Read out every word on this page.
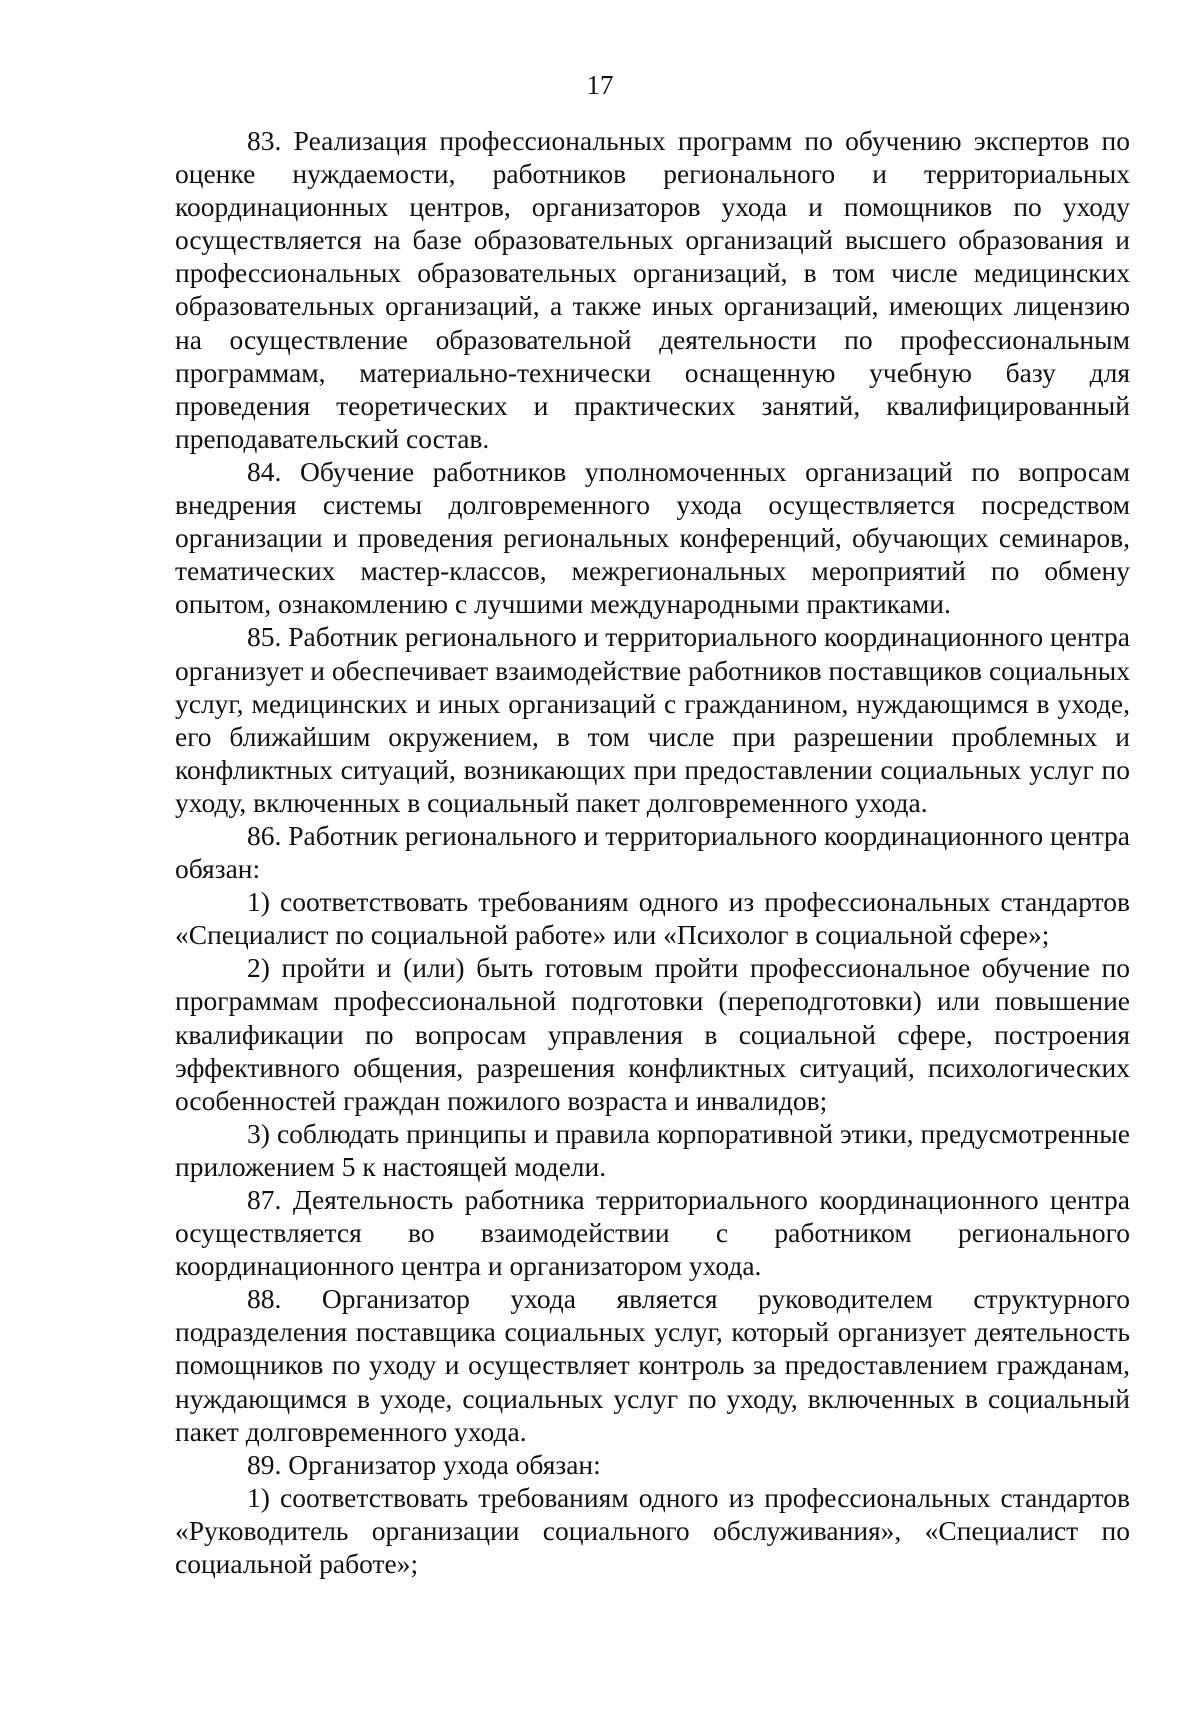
17

83. Реализация профессиональных программ по обучению экспертов по оценке нуждаемости, работников регионального и территориальных координационных центров, организаторов ухода и помощников по уходу осуществляется на базе образовательных организаций высшего образования и профессиональных образовательных организаций, в том числе медицинских образовательных организаций, а также иных организаций, имеющих лицензию на осуществление образовательной деятельности по профессиональным программам, материально-технически оснащенную учебную базу для проведения теоретических и практических занятий, квалифицированный преподавательский состав.

84. Обучение работников уполномоченных организаций по вопросам внедрения системы долговременного ухода осуществляется посредством организации и проведения региональных конференций, обучающих семинаров, тематических мастер-классов, межрегиональных мероприятий по обмену опытом, ознакомлению с лучшими международными практиками.

85. Работник регионального и территориального координационного центра организует и обеспечивает взаимодействие работников поставщиков социальных услуг, медицинских и иных организаций с гражданином, нуждающимся в уходе, его ближайшим окружением, в том числе при разрешении проблемных и конфликтных ситуаций, возникающих при предоставлении социальных услуг по уходу, включенных в социальный пакет долговременного ухода.

86. Работник регионального и территориального координационного центра обязан:

1) соответствовать требованиям одного из профессиональных стандартов «Специалист по социальной работе» или «Психолог в социальной сфере»;

2) пройти и (или) быть готовым пройти профессиональное обучение по программам профессиональной подготовки (переподготовки) или повышение квалификации по вопросам управления в социальной сфере, построения эффективного общения, разрешения конфликтных ситуаций, психологических особенностей граждан пожилого возраста и инвалидов;

3) соблюдать принципы и правила корпоративной этики, предусмотренные приложением 5 к настоящей модели.

87. Деятельность работника территориального координационного центра осуществляется во взаимодействии с работником регионального координационного центра и организатором ухода.

88. Организатор ухода является руководителем структурного подразделения поставщика социальных услуг, который организует деятельность помощников по уходу и осуществляет контроль за предоставлением гражданам, нуждающимся в уходе, социальных услуг по уходу, включенных в социальный пакет долговременного ухода.

89. Организатор ухода обязан:

1) соответствовать требованиям одного из профессиональных стандартов «Руководитель организации социального обслуживания», «Специалист по социальной работе»;
